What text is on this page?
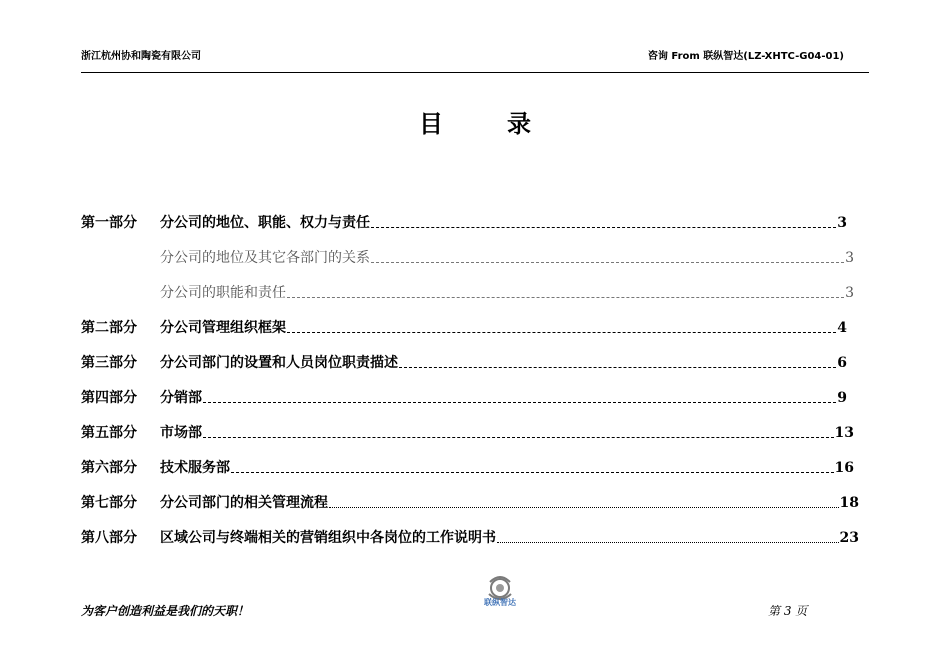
浙江杭州协和陶瓷有限公司	咨询 From 联纵智达(LZ-XHTC-G04-01)
目	录
第一部分	分公司的地位、职能、权力与责任	3
分公司的地位及其它各部门的关系	3
分公司的职能和责任	3
第二部分	分公司管理组织框架	4
第三部分	分公司部门的设置和人员岗位职责描述	6
第四部分	分销部	9
第五部分	市场部	13
第六部分	技术服务部	16
第七部分	分公司部门的相关管理流程	18
第八部分	区域公司与终端相关的营销组织中各岗位的工作说明书	23
联纵智达
为客户创造利益是我们的天职！	第 3 页
